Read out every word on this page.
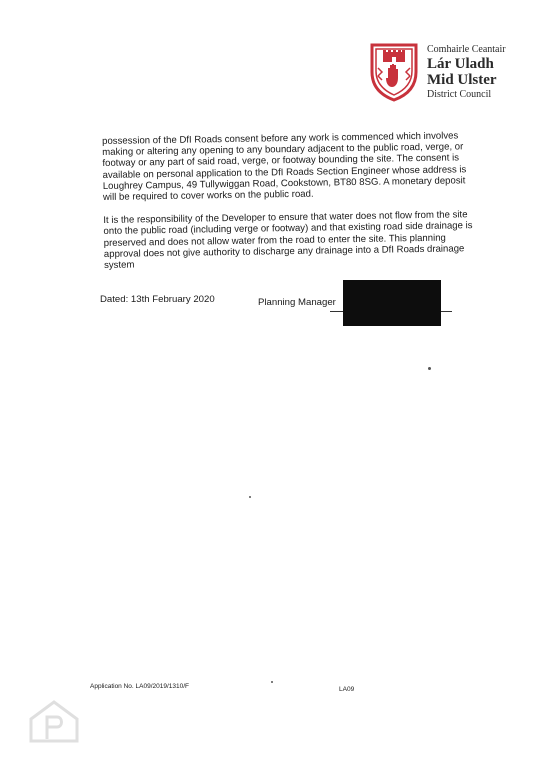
Comhairle Ceantair
Lár Uladh
Mid Ulster
District Council

possession of the DfI Roads consent before any work is commenced which involves making or altering any opening to any boundary adjacent to the public road, verge, or footway or any part of said road, verge, or footway bounding the site. The consent is available on personal application to the DfI Roads Section Engineer whose address is Loughrey Campus, 49 Tullywiggan Road, Cookstown, BT80 8SG. A monetary deposit will be required to cover works on the public road.

It is the responsibility of the Developer to ensure that water does not flow from the site onto the public road (including verge or footway) and that existing road side drainage is preserved and does not allow water from the road to enter the site. This planning approval does not give authority to discharge any drainage into a DfI Roads drainage system

Dated: 13th February 2020	Planning Manager
Application No. LA09/2019/1310/F	LA09
